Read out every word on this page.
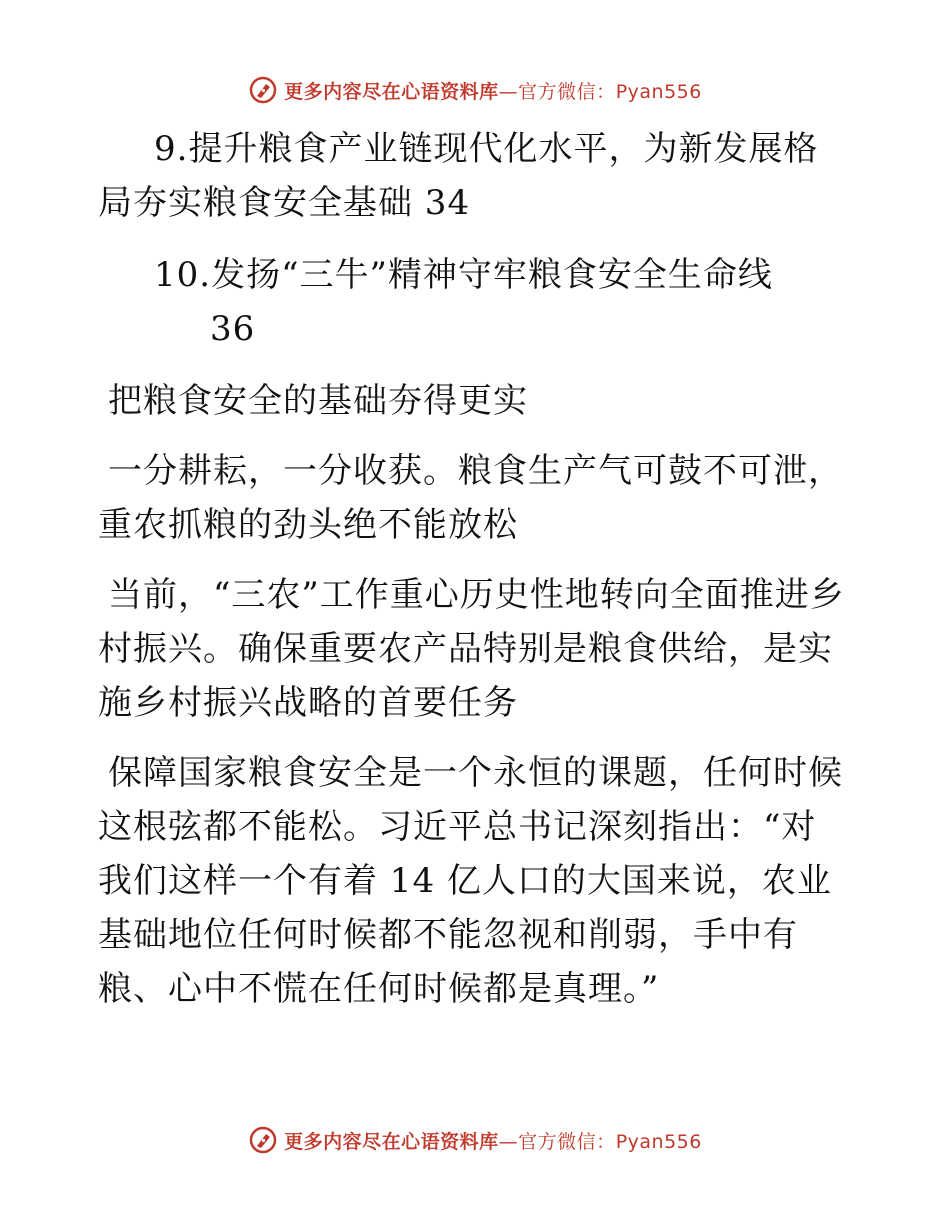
更多内容尽在心语资料库—官方微信：Pyan556

9.提升粮食产业链现代化水平，为新发展格局夯实粮食安全基础 34

10.发扬“三牛”精神守牢粮食安全生命线
36

把粮食安全的基础夯得更实

一分耕耘，一分收获。粮食生产气可鼓不可泄，重农抓粮的劲头绝不能放松

当前，“三农”工作重心历史性地转向全面推进乡村振兴。确保重要农产品特别是粮食供给，是实施乡村振兴战略的首要任务

保障国家粮食安全是一个永恒的课题，任何时候这根弦都不能松。习近平总书记深刻指出：“对我们这样一个有着 14 亿人口的大国来说，农业基础地位任何时候都不能忽视和削弱，手中有粮、心中不慌在任何时候都是真理。”

更多内容尽在心语资料库—官方微信：Pyan556
